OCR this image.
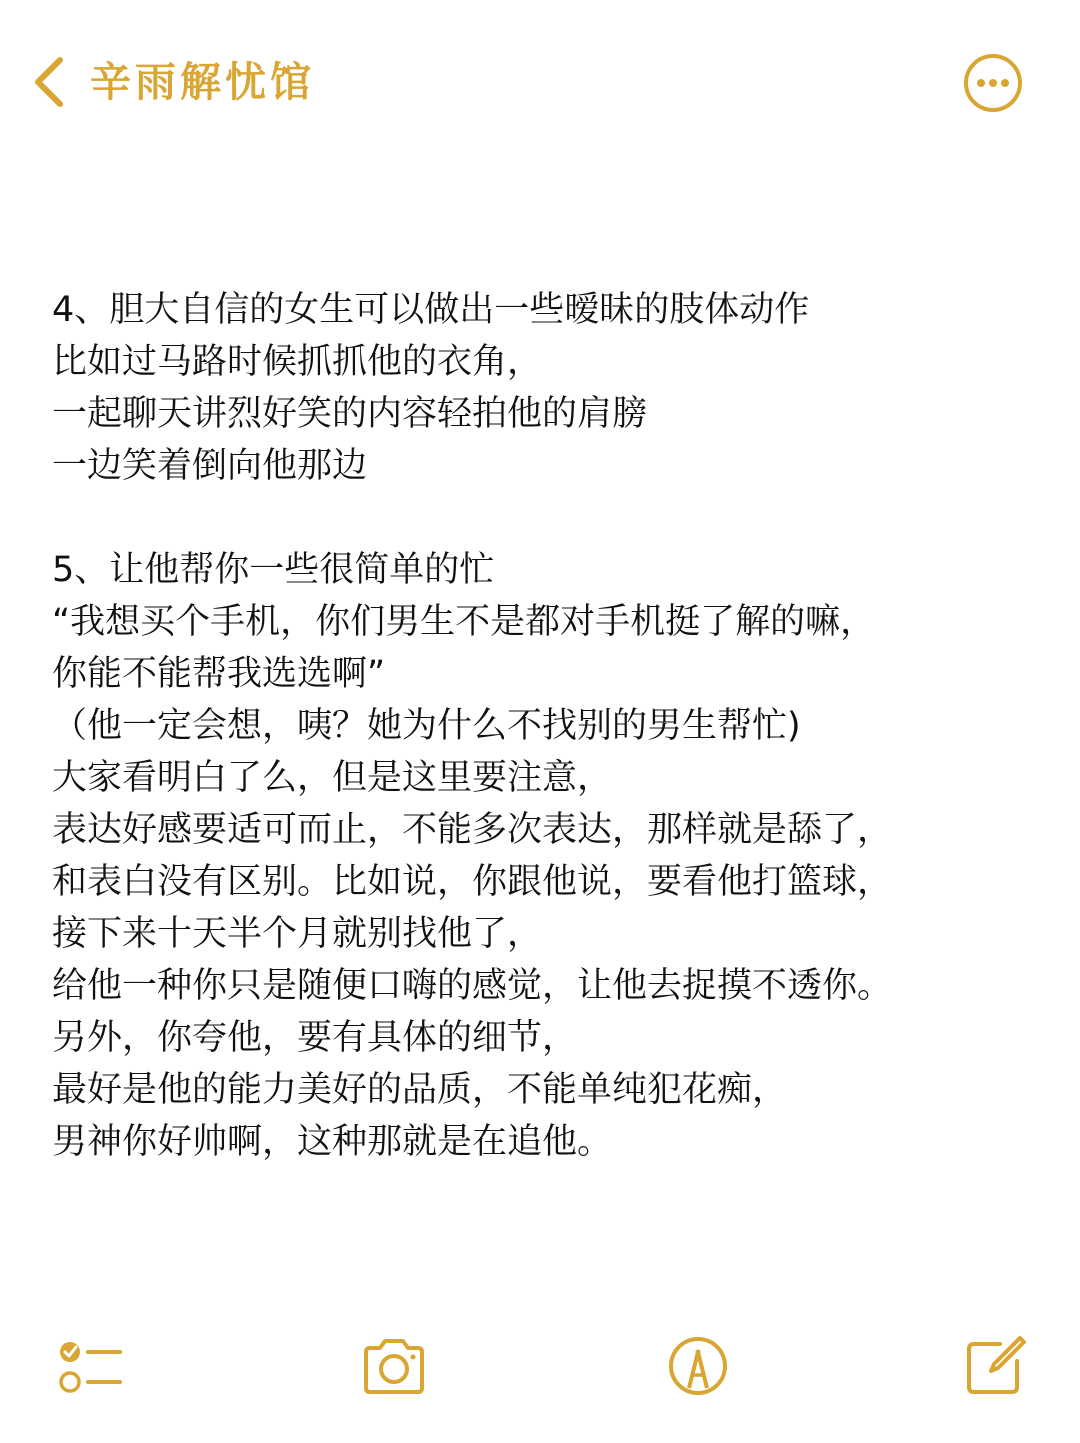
辛雨解忧馆
4、胆大自信的女生可以做出一些暧昧的肢体动作
比如过马路时候抓抓他的衣角，
一起聊天讲烈好笑的内容轻拍他的肩膀
一边笑着倒向他那边
5、让他帮你一些很简单的忙
“我想买个手机，你们男生不是都对手机挺了解的嘛，
你能不能帮我选选啊”
（他一定会想，咦？她为什么不找别的男生帮忙)
大家看明白了么，但是这里要注意，
表达好感要适可而止，不能多次表达，那样就是舔了，
和表白没有区别。比如说，你跟他说，要看他打篮球，
接下来十天半个月就别找他了，
给他一种你只是随便口嗨的感觉，让他去捉摸不透你。
另外，你夸他，要有具体的细节，
最好是他的能力美好的品质，不能单纯犯花痴，
男神你好帅啊，这种那就是在追他。
